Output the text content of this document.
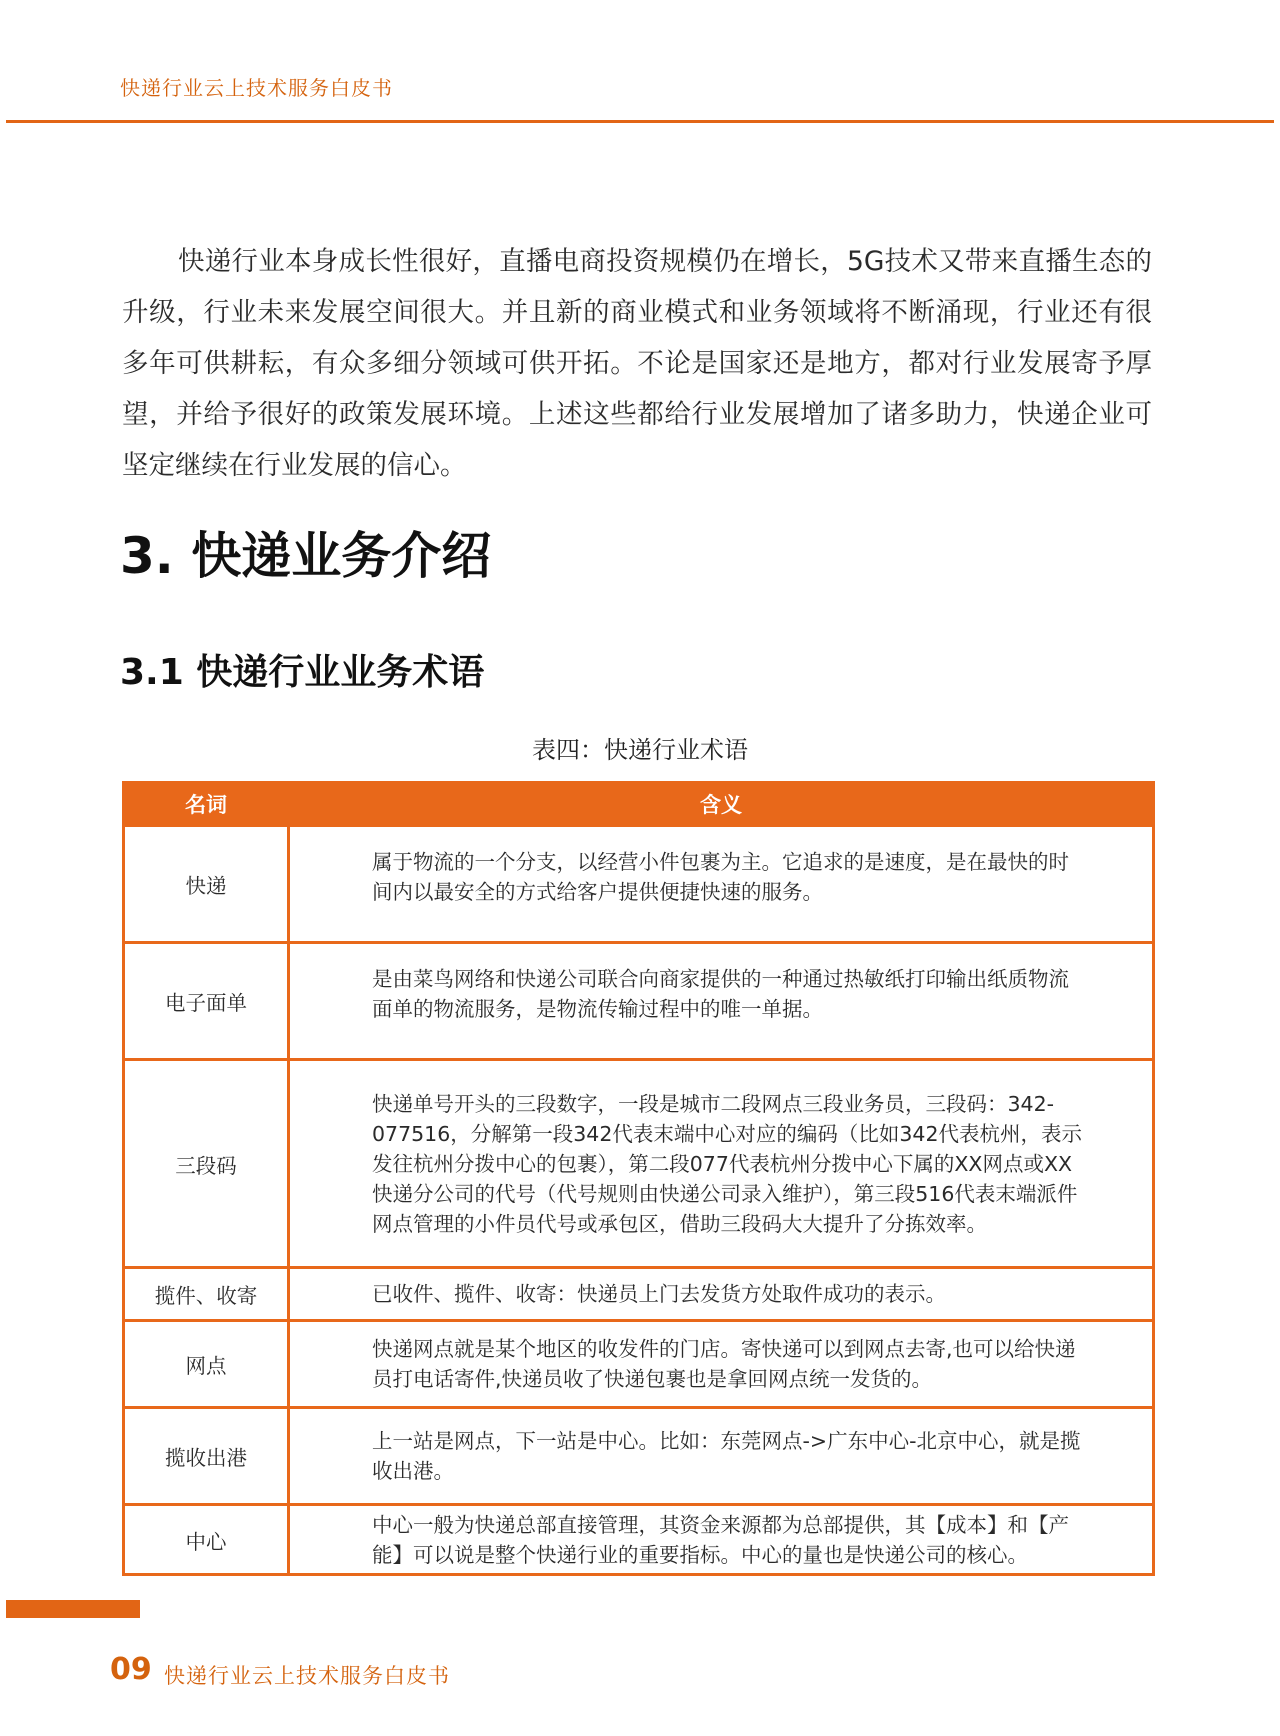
快递行业云上技术服务白皮书

快递行业本身成长性很好，直播电商投资规模仍在增长，5G技术又带来直播生态的升级，行业未来发展空间很大。并且新的商业模式和业务领域将不断涌现，行业还有很多年可供耕耘，有众多细分领域可供开拓。不论是国家还是地方，都对行业发展寄予厚望，并给予很好的政策发展环境。上述这些都给行业发展增加了诸多助力，快递企业可坚定继续在行业发展的信心。

3. 快递业务介绍
3.1 快递行业业务术语
表四：快递行业术语
名词	含义
快递	属于物流的一个分支，以经营小件包裹为主。它追求的是速度，是在最快的时间内以最安全的方式给客户提供便捷快速的服务。
电子面单	是由菜鸟网络和快递公司联合向商家提供的一种通过热敏纸打印输出纸质物流面单的物流服务，是物流传输过程中的唯一单据。
三段码	快递单号开头的三段数字，一段是城市二段网点三段业务员，三段码：342-077516，分解第一段342代表末端中心对应的编码（比如342代表杭州，表示发往杭州分拨中心的包裹），第二段077代表杭州分拨中心下属的XX网点或XX快递分公司的代号（代号规则由快递公司录入维护），第三段516代表末端派件网点管理的小件员代号或承包区，借助三段码大大提升了分拣效率。
揽件、收寄	已收件、揽件、收寄：快递员上门去发货方处取件成功的表示。
网点	快递网点就是某个地区的收发件的门店。寄快递可以到网点去寄,也可以给快递员打电话寄件,快递员收了快递包裹也是拿回网点统一发货的。
揽收出港	上一站是网点，下一站是中心。比如：东莞网点->广东中心-北京中心，就是揽收出港。
中心	中心一般为快递总部直接管理，其资金来源都为总部提供，其【成本】和【产能】可以说是整个快递行业的重要指标。中心的量也是快递公司的核心。
09 快递行业云上技术服务白皮书
